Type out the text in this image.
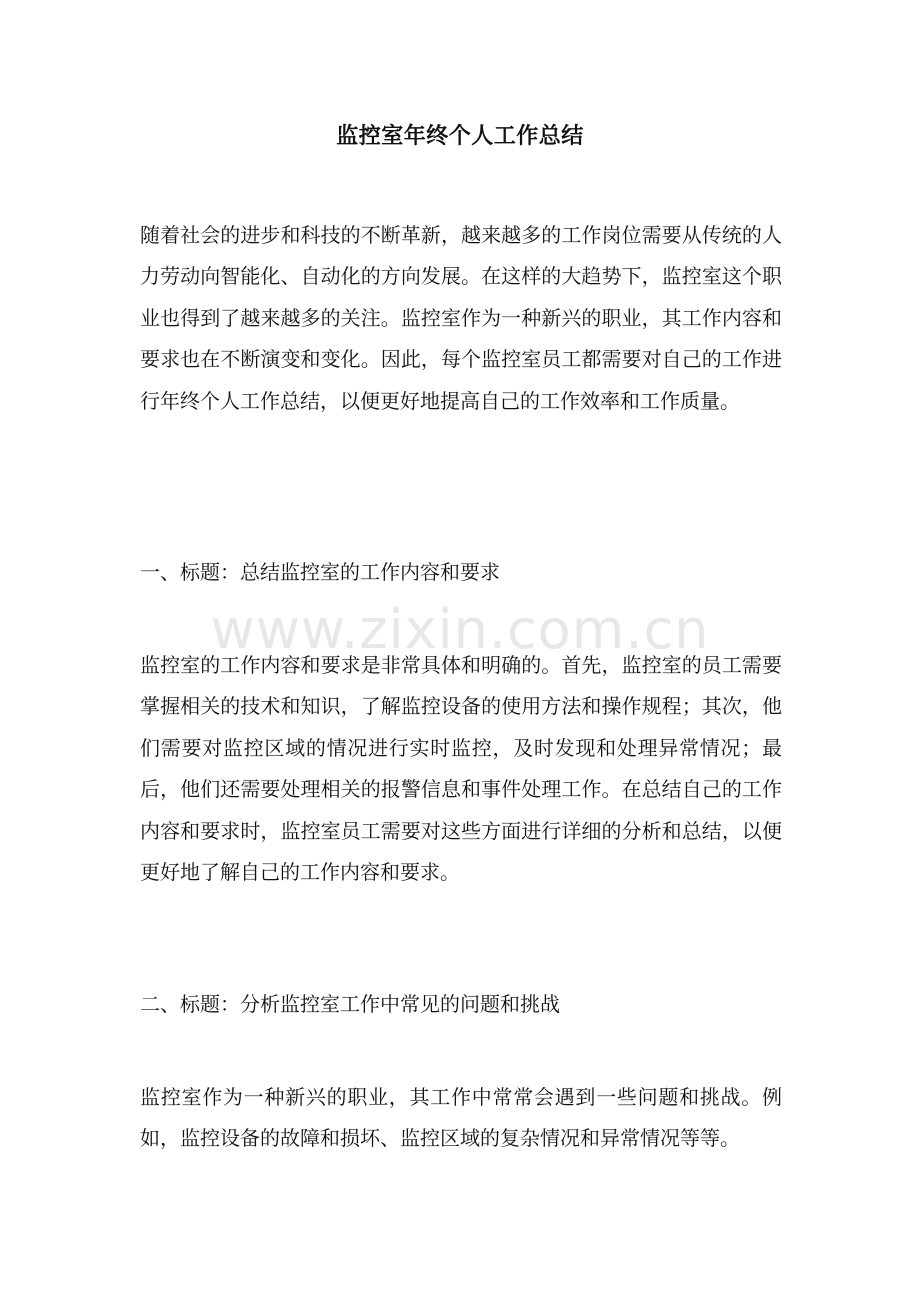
监控室年终个人工作总结

随着社会的进步和科技的不断革新，越来越多的工作岗位需要从传统的人力劳动向智能化、自动化的方向发展。在这样的大趋势下，监控室这个职业也得到了越来越多的关注。监控室作为一种新兴的职业，其工作内容和要求也在不断演变和变化。因此，每个监控室员工都需要对自己的工作进行年终个人工作总结，以便更好地提高自己的工作效率和工作质量。

一、标题：总结监控室的工作内容和要求

监控室的工作内容和要求是非常具体和明确的。首先，监控室的员工需要掌握相关的技术和知识，了解监控设备的使用方法和操作规程；其次，他们需要对监控区域的情况进行实时监控，及时发现和处理异常情况；最后，他们还需要处理相关的报警信息和事件处理工作。在总结自己的工作内容和要求时，监控室员工需要对这些方面进行详细的分析和总结，以便更好地了解自己的工作内容和要求。

二、标题：分析监控室工作中常见的问题和挑战

监控室作为一种新兴的职业，其工作中常常会遇到一些问题和挑战。例如，监控设备的故障和损坏、监控区域的复杂情况和异常情况等等。

www.zixin.com.cn
